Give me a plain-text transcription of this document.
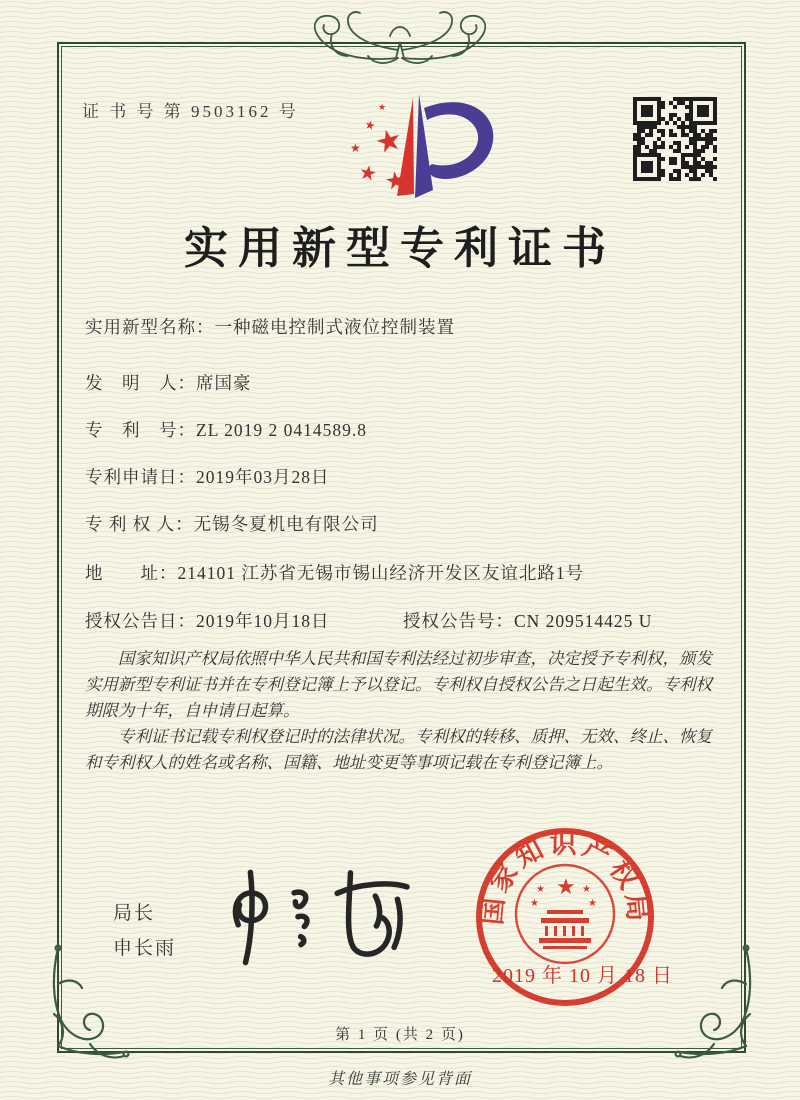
证 书 号 第 9503162 号
★
★ ★
★
★
★
实用新型专利证书
实用新型名称：一种磁电控制式液位控制装置
发　明　人：席国豪
专　利　号：ZL 2019 2 0414589.8
专利申请日：2019年03月28日
专 利 权 人：无锡冬夏机电有限公司
地　　址：214101 江苏省无锡市锡山经济开发区友谊北路1号
授权公告日：2019年10月18日	授权公告号：CN 209514425 U

国家知识产权局依照中华人民共和国专利法经过初步审查，决定授予专利权，颁发实用新型专利证书并在专利登记簿上予以登记。专利权自授权公告之日起生效。专利权期限为十年，自申请日起算。

专利证书记载专利权登记时的法律状况。专利权的转移、质押、无效、终止、恢复和专利权人的姓名或名称、国籍、地址变更等事项记载在专利登记簿上。

局长
申长雨
国家知识产权局
★
★	★
★	★
2019 年 10 月 18 日
第 1 页 (共 2 页)
其他事项参见背面
